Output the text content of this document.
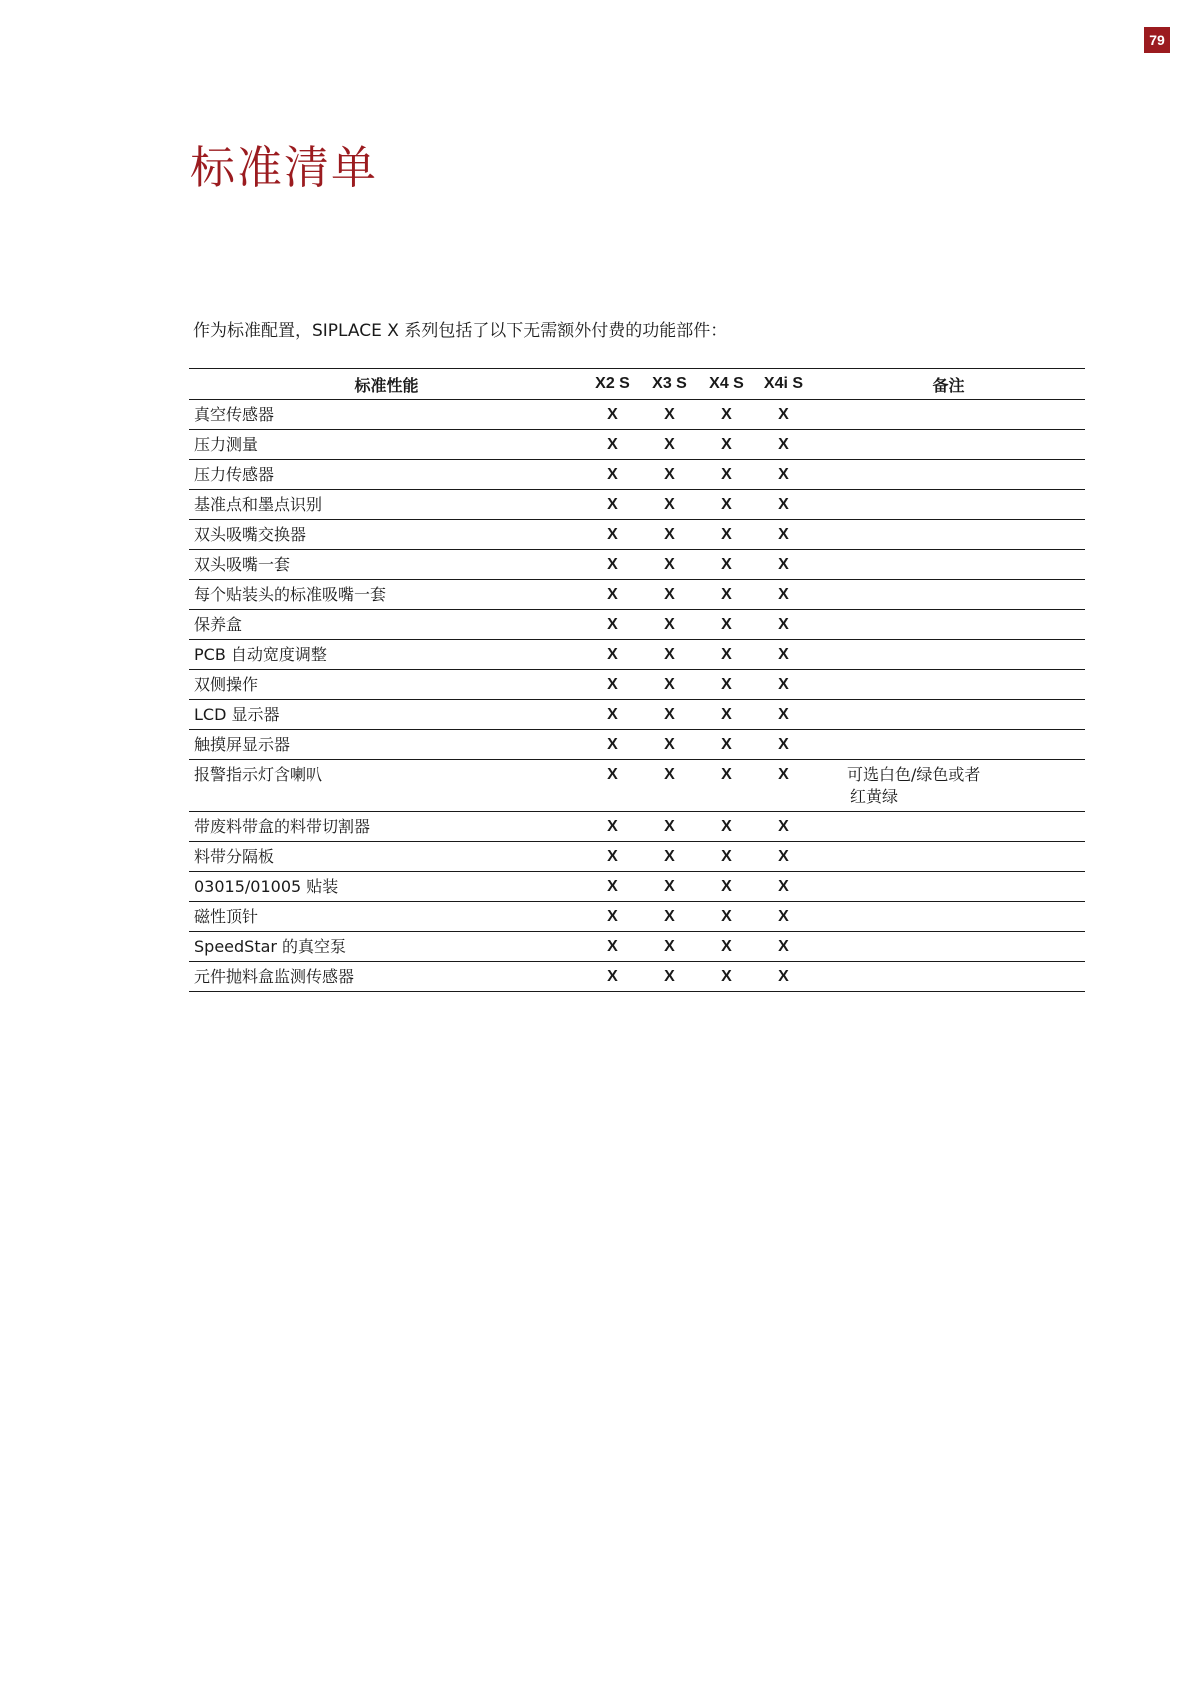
79
标准清单

作为标准配置，SIPLACE X 系列包括了以下无需额外付费的功能部件：

标准性能	X2 S	X3 S	X4 S	X4i S	备注
真空传感器	X	X	X	X	
压力测量	X	X	X	X	
压力传感器	X	X	X	X	
基准点和墨点识别	X	X	X	X	
双头吸嘴交换器	X	X	X	X	
双头吸嘴一套	X	X	X	X	
每个贴装头的标准吸嘴一套	X	X	X	X	
保养盒	X	X	X	X	
PCB 自动宽度调整	X	X	X	X	
双侧操作	X	X	X	X	
LCD 显示器	X	X	X	X	
触摸屏显示器	X	X	X	X	
报警指示灯含喇叭	X	X	X	X	可选白色/绿色或者
红黄绿

带废料带盒的料带切割器	X	X	X	X	
料带分隔板	X	X	X	X	
03015/01005 贴装	X	X	X	X	
磁性顶针	X	X	X	X	
SpeedStar 的真空泵	X	X	X	X	
元件抛料盒监测传感器	X	X	X	X	
